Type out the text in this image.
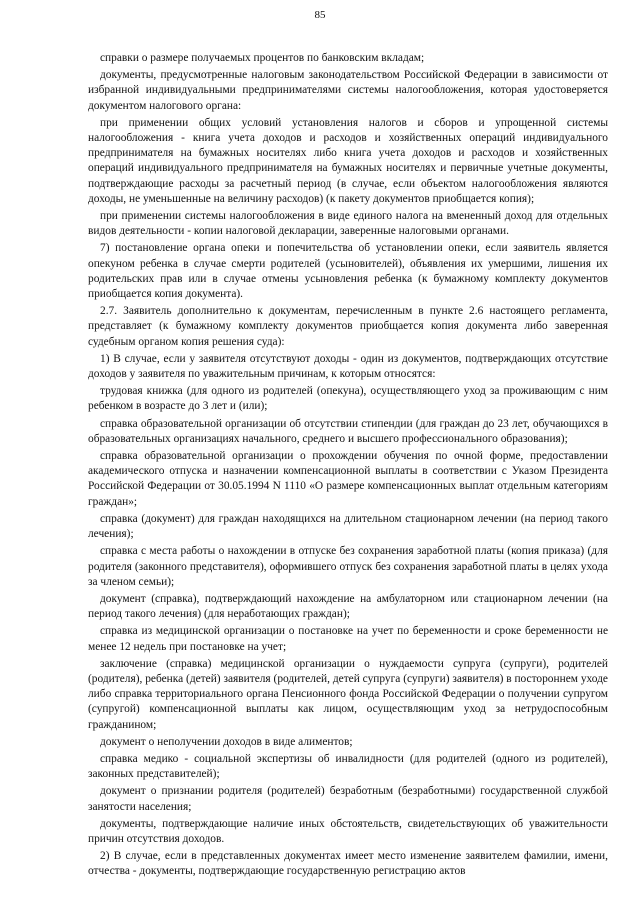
85

справки о размере получаемых процентов по банковским вкладам;

документы, предусмотренные налоговым законодательством Российской Федерации в зависимости от избранной индивидуальными предпринимателями системы налогообложения, которая удостоверяется документом налогового органа:

при применении общих условий установления налогов и сборов и упрощенной системы налогообложения - книга учета доходов и расходов и хозяйственных операций индивидуального предпринимателя на бумажных носителях либо книга учета доходов и расходов и хозяйственных операций индивидуального предпринимателя на бумажных носителях и первичные учетные документы, подтверждающие расходы за расчетный период (в случае, если объектом налогообложения являются доходы, не уменьшенные на величину расходов) (к пакету документов приобщается копия);

при применении системы налогообложения в виде единого налога на вмененный доход для отдельных видов деятельности - копии налоговой декларации, заверенные налоговыми органами.

7) постановление органа опеки и попечительства об установлении опеки, если заявитель является опекуном ребенка в случае смерти родителей (усыновителей), объявления их умершими, лишения их родительских прав или в случае отмены усыновления ребенка (к бумажному комплекту документов приобщается копия документа).

2.7. Заявитель дополнительно к документам, перечисленным в пункте 2.6 настоящего регламента, представляет (к бумажному комплекту документов приобщается копия документа либо заверенная судебным органом копия решения суда):

1) В случае, если у заявителя отсутствуют доходы - один из документов, подтверждающих отсутствие доходов у заявителя по уважительным причинам, к которым относятся:

трудовая книжка (для одного из родителей (опекуна), осуществляющего уход за проживающим с ним ребенком в возрасте до 3 лет и (или);

справка образовательной организации об отсутствии стипендии (для граждан до 23 лет, обучающихся в образовательных организациях начального, среднего и высшего профессионального образования);

справка образовательной организации о прохождении обучения по очной форме, предоставлении академического отпуска и назначении компенсационной выплаты в соответствии с Указом Президента Российской Федерации от 30.05.1994 N 1110 «О размере компенсационных выплат отдельным категориям граждан»;

справка (документ) для граждан находящихся на длительном стационарном лечении (на период такого лечения);

справка с места работы о нахождении в отпуске без сохранения заработной платы (копия приказа) (для родителя (законного представителя), оформившего отпуск без сохранения заработной платы в целях ухода за членом семьи);

документ (справка), подтверждающий нахождение на амбулаторном или стационарном лечении (на период такого лечения) (для неработающих граждан);

справка из медицинской организации о постановке на учет по беременности и сроке беременности не менее 12 недель при постановке на учет;

заключение (справка) медицинской организации о нуждаемости супруга (супруги), родителей (родителя), ребенка (детей) заявителя (родителей, детей супруга (супруги) заявителя) в постороннем уходе либо справка территориального органа Пенсионного фонда Российской Федерации о получении супругом (супругой) компенсационной выплаты как лицом, осуществляющим уход за нетрудоспособным гражданином;

документ о неполучении доходов в виде алиментов;

справка медико - социальной экспертизы об инвалидности (для родителей (одного из родителей), законных представителей);

документ о признании родителя (родителей) безработным (безработными) государственной службой занятости населения;

документы, подтверждающие наличие иных обстоятельств, свидетельствующих об уважительности причин отсутствия доходов.

2) В случае, если в представленных документах имеет место изменение заявителем фамилии, имени, отчества - документы, подтверждающие государственную регистрацию актов
